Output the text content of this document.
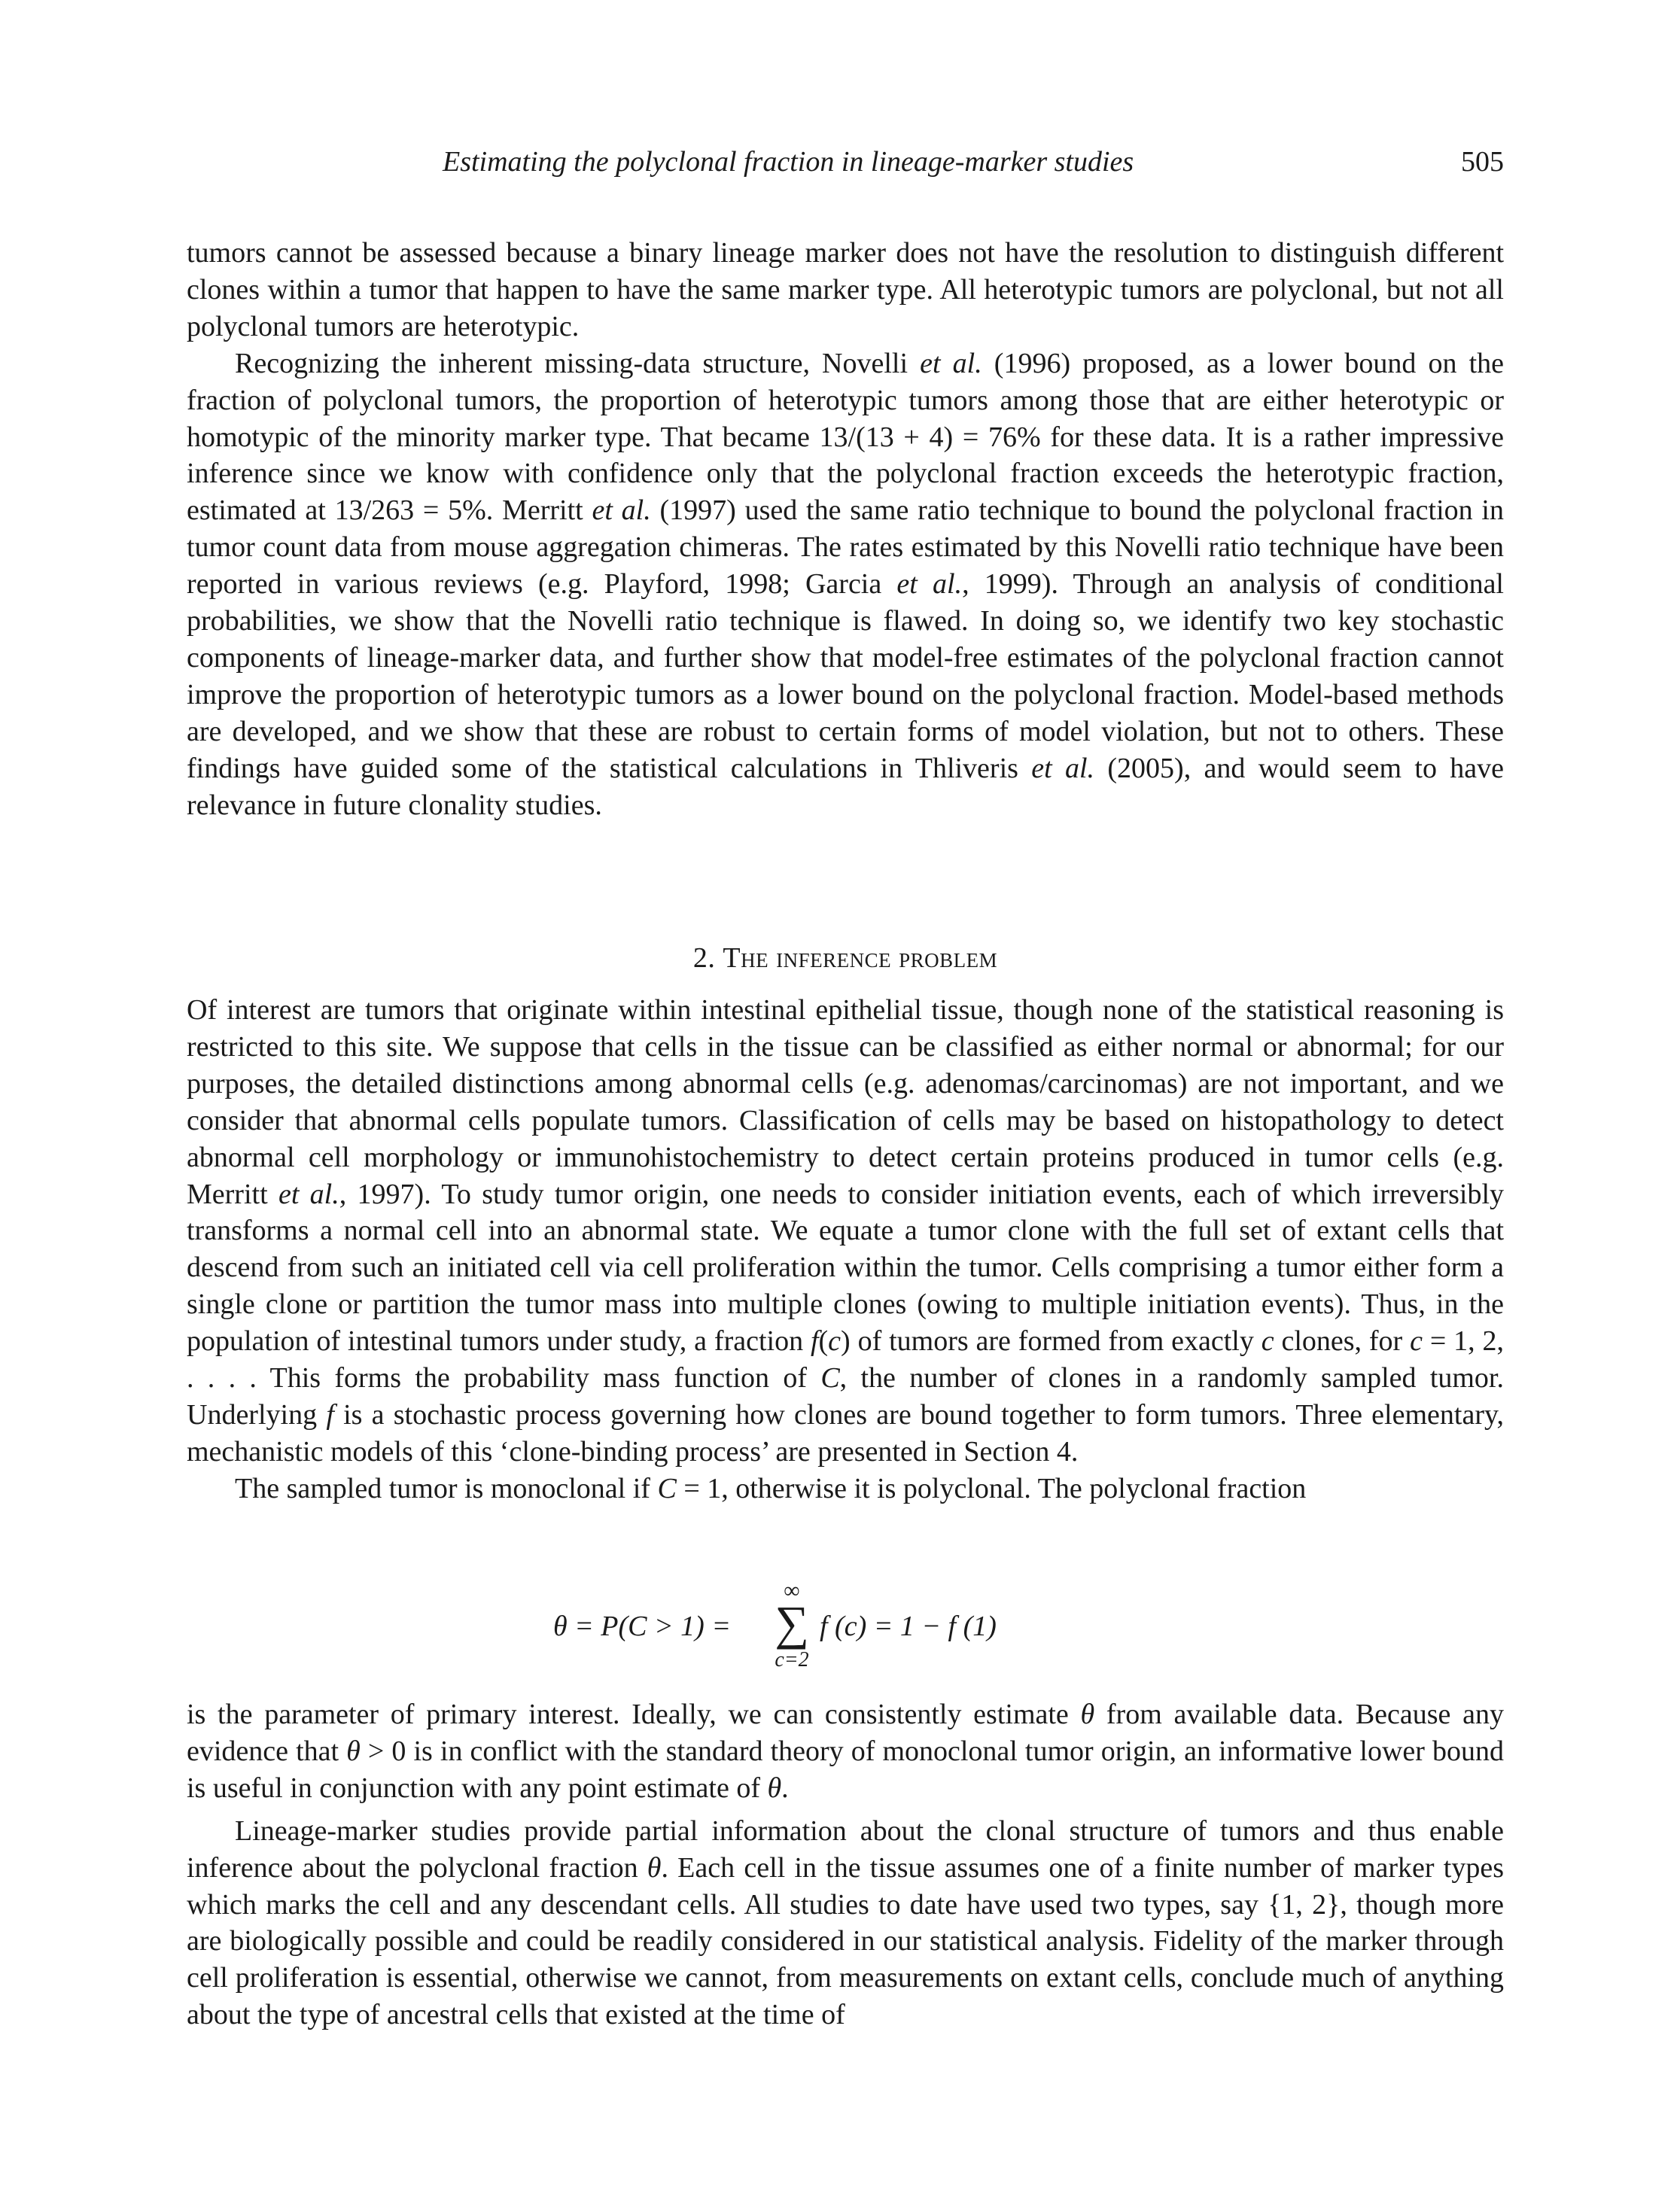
Estimating the polyclonal fraction in lineage-marker studies	505

tumors cannot be assessed because a binary lineage marker does not have the resolution to distinguish different clones within a tumor that happen to have the same marker type. All heterotypic tumors are polyclonal, but not all polyclonal tumors are heterotypic.

Recognizing the inherent missing-data structure, Novelli et al. (1996) proposed, as a lower bound on the fraction of polyclonal tumors, the proportion of heterotypic tumors among those that are either heterotypic or homotypic of the minority marker type. That became 13/(13 + 4) = 76% for these data. It is a rather impressive inference since we know with confidence only that the polyclonal fraction exceeds the heterotypic fraction, estimated at 13/263 = 5%. Merritt et al. (1997) used the same ratio technique to bound the polyclonal fraction in tumor count data from mouse aggregation chimeras. The rates estimated by this Novelli ratio technique have been reported in various reviews (e.g. Playford, 1998; Garcia et al., 1999). Through an analysis of conditional probabilities, we show that the Novelli ratio technique is flawed. In doing so, we identify two key stochastic components of lineage-marker data, and further show that model-free estimates of the polyclonal fraction cannot improve the proportion of heterotypic tumors as a lower bound on the polyclonal fraction. Model-based methods are developed, and we show that these are robust to certain forms of model violation, but not to others. These findings have guided some of the statistical calculations in Thliveris et al. (2005), and would seem to have relevance in future clonality studies.

2. The inference problem

Of interest are tumors that originate within intestinal epithelial tissue, though none of the statistical reasoning is restricted to this site. We suppose that cells in the tissue can be classified as either normal or abnormal; for our purposes, the detailed distinctions among abnormal cells (e.g. adenomas/carcinomas) are not important, and we consider that abnormal cells populate tumors. Classification of cells may be based on histopathology to detect abnormal cell morphology or immunohistochemistry to detect certain proteins produced in tumor cells (e.g. Merritt et al., 1997). To study tumor origin, one needs to consider initiation events, each of which irreversibly transforms a normal cell into an abnormal state. We equate a tumor clone with the full set of extant cells that descend from such an initiated cell via cell proliferation within the tumor. Cells comprising a tumor either form a single clone or partition the tumor mass into multiple clones (owing to multiple initiation events). Thus, in the population of intestinal tumors under study, a fraction f(c) of tumors are formed from exactly c clones, for c = 1, 2, . . . . This forms the probability mass function of C, the number of clones in a randomly sampled tumor. Underlying f is a stochastic process governing how clones are bound together to form tumors. Three elementary, mechanistic models of this ‘clone-binding process’ are presented in Section 4.

The sampled tumor is monoclonal if C = 1, otherwise it is polyclonal. The polyclonal fraction

θ = P(C > 1) =
∞
∑
c=2
f (c) = 1 − f (1)

is the parameter of primary interest. Ideally, we can consistently estimate θ from available data. Because any evidence that θ > 0 is in conflict with the standard theory of monoclonal tumor origin, an informative lower bound is useful in conjunction with any point estimate of θ.

Lineage-marker studies provide partial information about the clonal structure of tumors and thus enable inference about the polyclonal fraction θ. Each cell in the tissue assumes one of a finite number of marker types which marks the cell and any descendant cells. All studies to date have used two types, say {1, 2}, though more are biologically possible and could be readily considered in our statistical analysis. Fidelity of the marker through cell proliferation is essential, otherwise we cannot, from measurements on extant cells, conclude much of anything about the type of ancestral cells that existed at the time of
